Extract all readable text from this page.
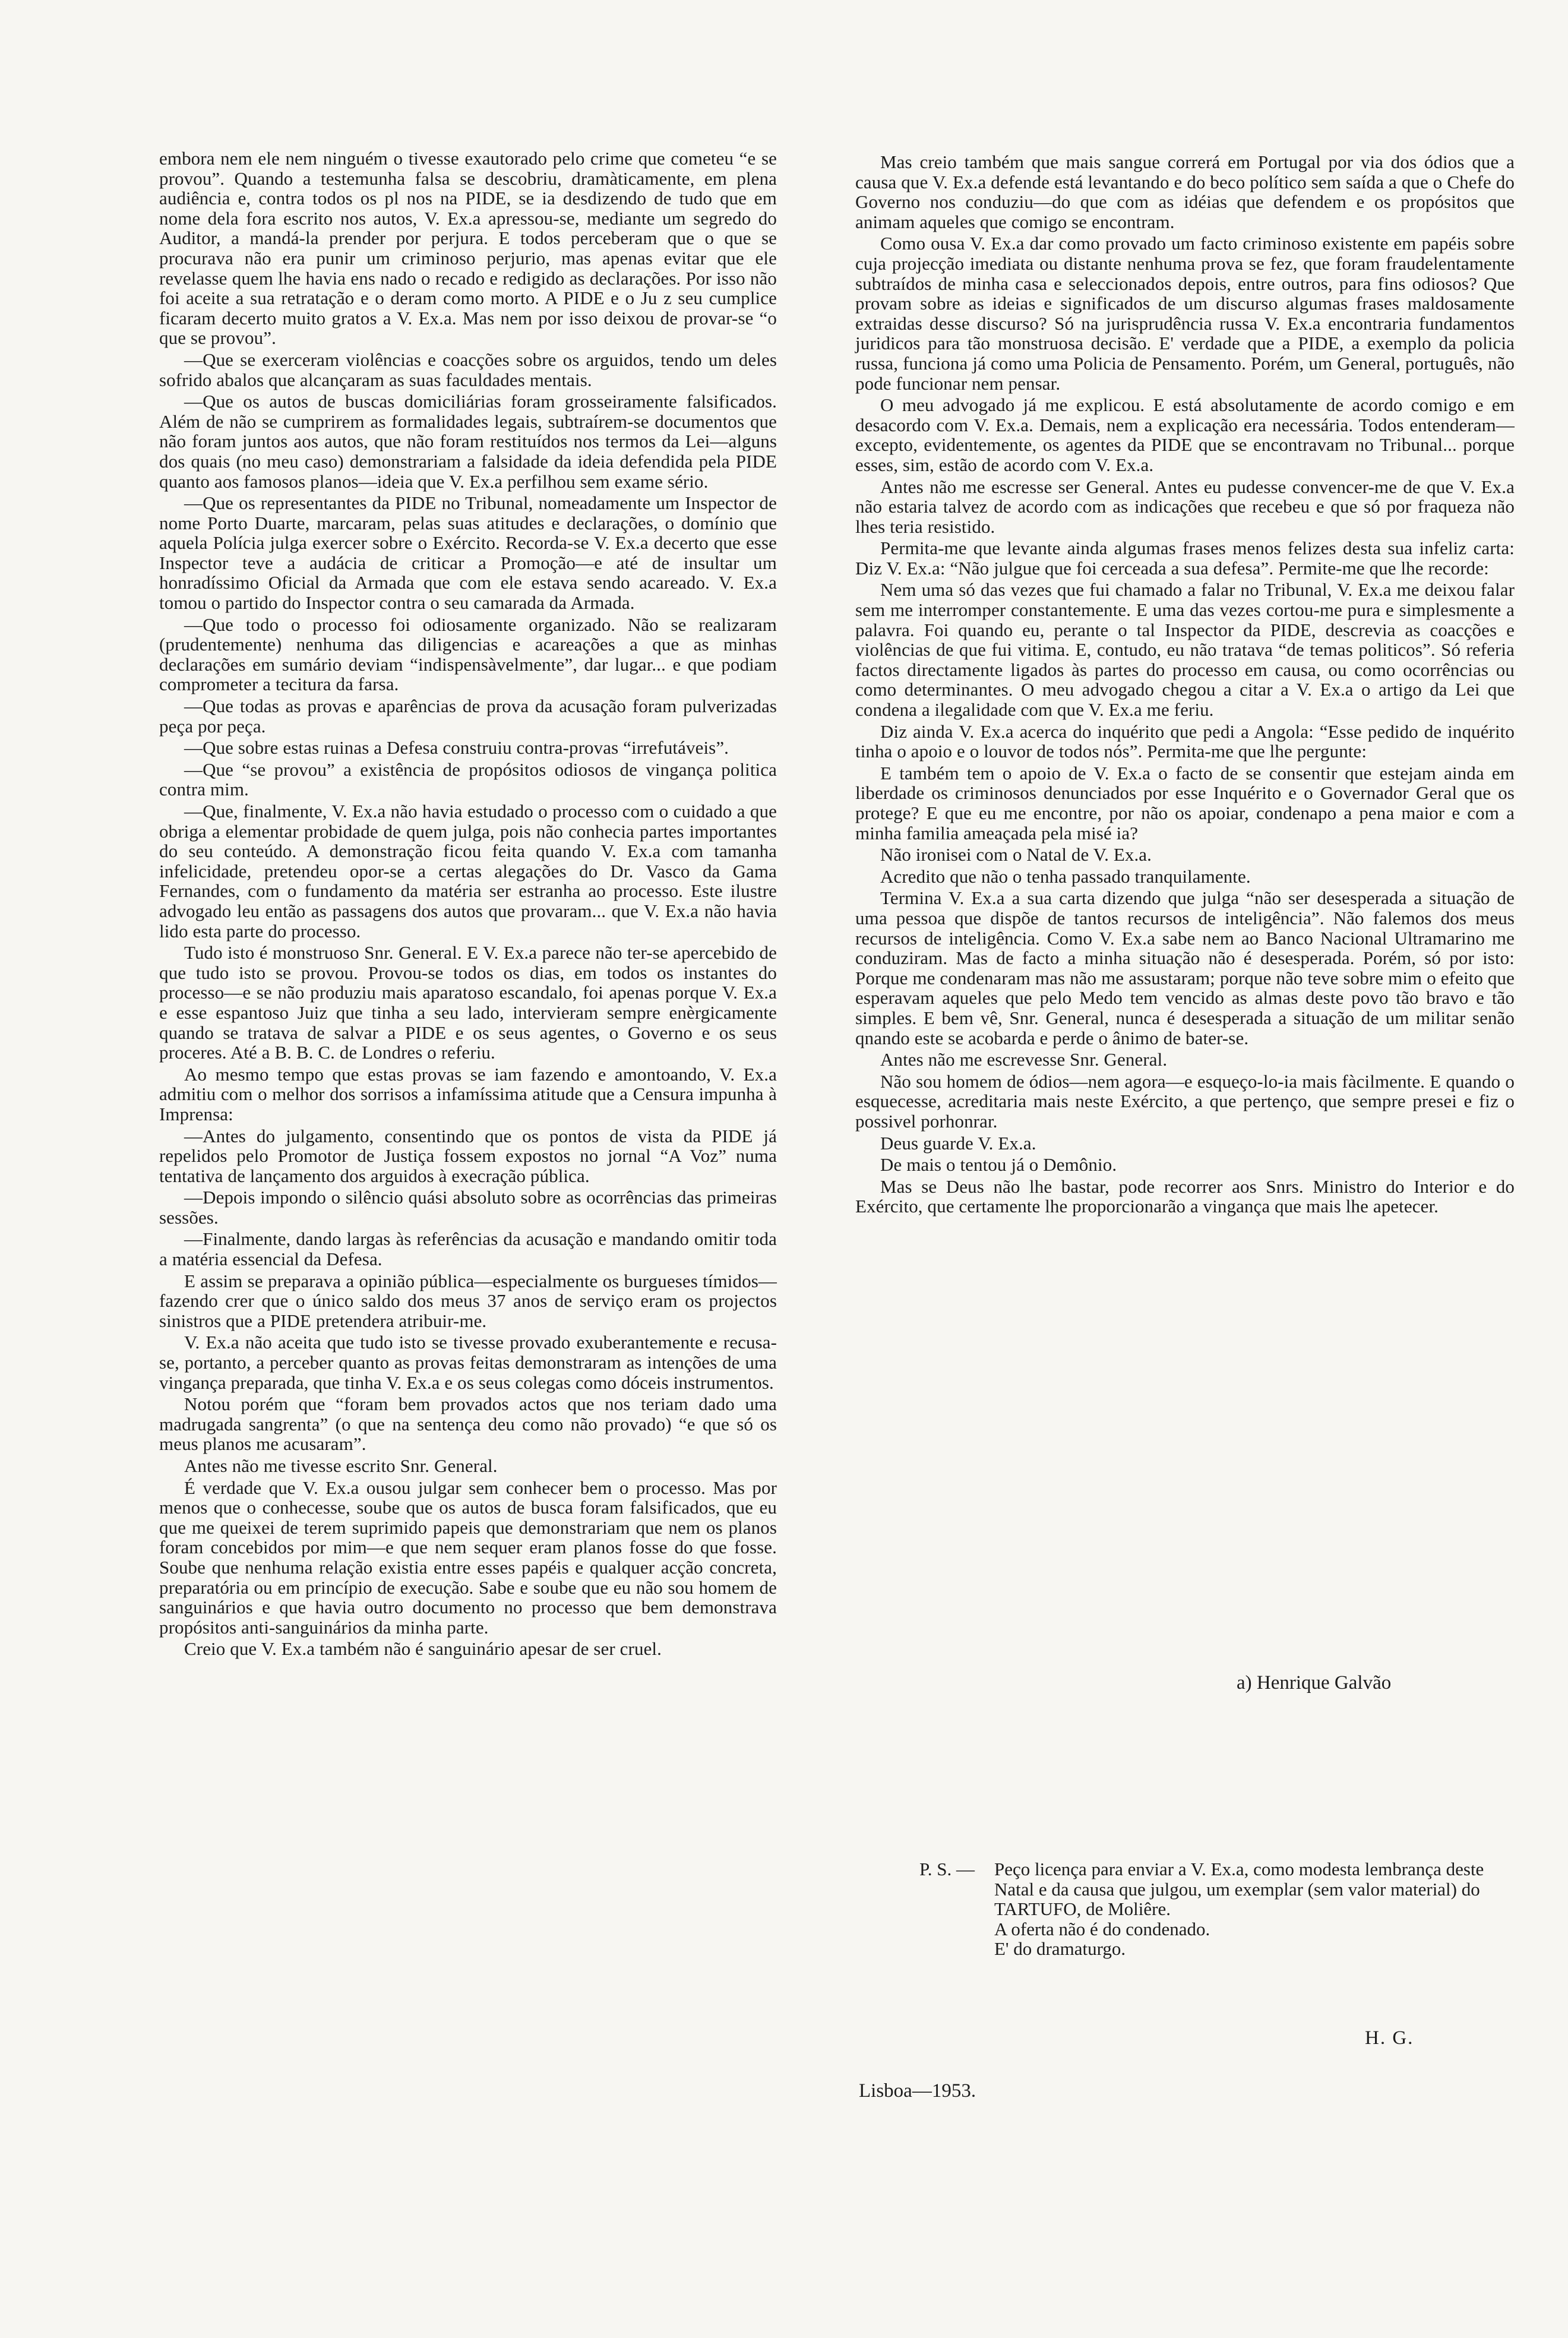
embora nem ele nem ninguém o tivesse exautorado pelo crime que cometeu “e se provou”. Quando a testemunha falsa se descobriu, dramàticamente, em plena audiência e, contra todos os pl nos na PIDE, se ia desdizendo de tudo que em nome dela fora escrito nos autos, V. Ex.a apressou-se, mediante um segredo do Auditor, a mandá-la prender por perjura. E todos perceberam que o que se procurava não era punir um criminoso perjurio, mas apenas evitar que ele revelasse quem lhe havia ens nado o recado e redigido as declarações. Por isso não foi aceite a sua retratação e o deram como morto. A PIDE e o Ju z seu cumplice ficaram decerto muito gratos a V. Ex.a. Mas nem por isso deixou de provar-se “o que se provou”.

—Que se exerceram violências e coacções sobre os arguidos, tendo um deles sofrido abalos que alcançaram as suas faculdades mentais.

—Que os autos de buscas domiciliárias foram grosseiramente falsificados. Além de não se cumprirem as formalidades legais, subtraírem-se documentos que não foram juntos aos autos, que não foram restituídos nos termos da Lei—alguns dos quais (no meu caso) demonstrariam a falsidade da ideia defendida pela PIDE quanto aos famosos planos—ideia que V. Ex.a perfilhou sem exame sério.

—Que os representantes da PIDE no Tribunal, nomeadamente um Inspector de nome Porto Duarte, marcaram, pelas suas atitudes e declarações, o domínio que aquela Polícia julga exercer sobre o Exército. Recorda-se V. Ex.a decerto que esse Inspector teve a audácia de criticar a Promoção—e até de insultar um honradíssimo Oficial da Armada que com ele estava sendo acareado. V. Ex.a tomou o partido do Inspector contra o seu camarada da Armada.

—Que todo o processo foi odiosamente organizado. Não se realizaram (prudentemente) nenhuma das diligencias e acareações a que as minhas declarações em sumário deviam “indispensàvelmente”, dar lugar... e que podiam comprometer a tecitura da farsa.

—Que todas as provas e aparências de prova da acusação foram pulverizadas peça por peça.

—Que sobre estas ruinas a Defesa construiu contra-provas “irrefutáveis”.

—Que “se provou” a existência de propósitos odiosos de vingança politica contra mim.

—Que, finalmente, V. Ex.a não havia estudado o processo com o cuidado a que obriga a elementar probidade de quem julga, pois não conhecia partes importantes do seu conteúdo. A demonstração ficou feita quando V. Ex.a com tamanha infelicidade, pretendeu opor-se a certas alegações do Dr. Vasco da Gama Fernandes, com o fundamento da matéria ser estranha ao processo. Este ilustre advogado leu então as passagens dos autos que provaram... que V. Ex.a não havia lido esta parte do processo.

Tudo isto é monstruoso Snr. General. E V. Ex.a parece não ter-se apercebido de que tudo isto se provou. Provou-se todos os dias, em todos os instantes do processo—e se não produziu mais aparatoso escandalo, foi apenas porque V. Ex.a e esse espantoso Juiz que tinha a seu lado, intervieram sempre enèrgicamente quando se tratava de salvar a PIDE e os seus agentes, o Governo e os seus proceres. Até a B. B. C. de Londres o referiu.

Ao mesmo tempo que estas provas se iam fazendo e amontoando, V. Ex.a admitiu com o melhor dos sorrisos a infamíssima atitude que a Censura impunha à Imprensa:

—Antes do julgamento, consentindo que os pontos de vista da PIDE já repelidos pelo Promotor de Justiça fossem expostos no jornal “A Voz” numa tentativa de lançamento dos arguidos à execração pública.

—Depois impondo o silêncio quási absoluto sobre as ocorrências das primeiras sessões.

—Finalmente, dando largas às referências da acusação e mandando omitir toda a matéria essencial da Defesa.

E assim se preparava a opinião pública—especialmente os burgueses tímidos—fazendo crer que o único saldo dos meus 37 anos de serviço eram os projectos sinistros que a PIDE pretendera atribuir-me.

V. Ex.a não aceita que tudo isto se tivesse provado exuberantemente e recusa-se, portanto, a perceber quanto as provas feitas demonstraram as intenções de uma vingança preparada, que tinha V. Ex.a e os seus colegas como dóceis instrumentos.

Notou porém que “foram bem provados actos que nos teriam dado uma madrugada sangrenta” (o que na sentença deu como não provado) “e que só os meus planos me acusaram”.

Antes não me tivesse escrito Snr. General.

É verdade que V. Ex.a ousou julgar sem conhecer bem o processo. Mas por menos que o conhecesse, soube que os autos de busca foram falsificados, que eu que me queixei de terem suprimido papeis que demonstrariam que nem os planos foram concebidos por mim—e que nem sequer eram planos fosse do que fosse. Soube que nenhuma relação existia entre esses papéis e qualquer acção concreta, preparatória ou em princípio de execução. Sabe e soube que eu não sou homem de sanguinários e que havia outro documento no processo que bem demonstrava propósitos anti-sanguinários da minha parte.

Creio que V. Ex.a também não é sanguinário apesar de ser cruel.

Mas creio também que mais sangue correrá em Portugal por via dos ódios que a causa que V. Ex.a defende está levantando e do beco político sem saída a que o Chefe do Governo nos conduziu—do que com as idéias que defendem e os propósitos que animam aqueles que comigo se encontram.

Como ousa V. Ex.a dar como provado um facto criminoso existente em papéis sobre cuja projecção imediata ou distante nenhuma prova se fez, que foram fraudelentamente subtraídos de minha casa e seleccionados depois, entre outros, para fins odiosos? Que provam sobre as ideias e significados de um discurso algumas frases maldosamente extraidas desse discurso? Só na jurisprudência russa V. Ex.a encontraria fundamentos juridicos para tão monstruosa decisão. E' verdade que a PIDE, a exemplo da policia russa, funciona já como uma Policia de Pensamento. Porém, um General, português, não pode funcionar nem pensar.

O meu advogado já me explicou. E está absolutamente de acordo comigo e em desacordo com V. Ex.a. Demais, nem a explicação era necessária. Todos entenderam—excepto, evidentemente, os agentes da PIDE que se encontravam no Tribunal... porque esses, sim, estão de acordo com V. Ex.a.

Antes não me escresse ser General. Antes eu pudesse convencer-me de que V. Ex.a não estaria talvez de acordo com as indicações que recebeu e que só por fraqueza não lhes teria resistido.

Permita-me que levante ainda algumas frases menos felizes desta sua infeliz carta: Diz V. Ex.a: “Não julgue que foi cerceada a sua defesa”. Permite-me que lhe recorde:

Nem uma só das vezes que fui chamado a falar no Tribunal, V. Ex.a me deixou falar sem me interromper constantemente. E uma das vezes cortou-me pura e simplesmente a palavra. Foi quando eu, perante o tal Inspector da PIDE, descrevia as coacções e violências de que fui vitima. E, contudo, eu não tratava “de temas politicos”. Só referia factos directamente ligados às partes do processo em causa, ou como ocorrências ou como determinantes. O meu advogado chegou a citar a V. Ex.a o artigo da Lei que condena a ilegalidade com que V. Ex.a me feriu.

Diz ainda V. Ex.a acerca do inquérito que pedi a Angola: “Esse pedido de inquérito tinha o apoio e o louvor de todos nós”. Permita-me que lhe pergunte:

E também tem o apoio de V. Ex.a o facto de se consentir que estejam ainda em liberdade os criminosos denunciados por esse Inquérito e o Governador Geral que os protege? E que eu me encontre, por não os apoiar, condenapo a pena maior e com a minha familia ameaçada pela misé ia?

Não ironisei com o Natal de V. Ex.a.

Acredito que não o tenha passado tranquilamente.

Termina V. Ex.a a sua carta dizendo que julga “não ser desesperada a situação de uma pessoa que dispõe de tantos recursos de inteligência”. Não falemos dos meus recursos de inteligência. Como V. Ex.a sabe nem ao Banco Nacional Ultramarino me conduziram. Mas de facto a minha situação não é desesperada. Porém, só por isto: Porque me condenaram mas não me assustaram; porque não teve sobre mim o efeito que esperavam aqueles que pelo Medo tem vencido as almas deste povo tão bravo e tão simples. E bem vê, Snr. General, nunca é desesperada a situação de um militar senão qnando este se acobarda e perde o ânimo de bater-se.

Antes não me escrevesse Snr. General.

Não sou homem de ódios—nem agora—e esqueço-lo-ia mais fàcilmente. E quando o esquecesse, acreditaria mais neste Exército, a que pertenço, que sempre presei e fiz o possivel porhonrar.

Deus guarde V. Ex.a.

De mais o tentou já o Demônio.

Mas se Deus não lhe bastar, pode recorrer aos Snrs. Ministro do Interior e do Exército, que certamente lhe proporcionarão a vingança que mais lhe apetecer.

a) Henrique Galvão
P. S. — Peço licença para enviar a V. Ex.a, como modesta lembrança deste Natal e da causa que julgou, um exemplar (sem valor material) do TARTUFO, de Moliêre.

A oferta não é do condenado.

E' do dramaturgo.

H. G.
Lisboa—1953.
